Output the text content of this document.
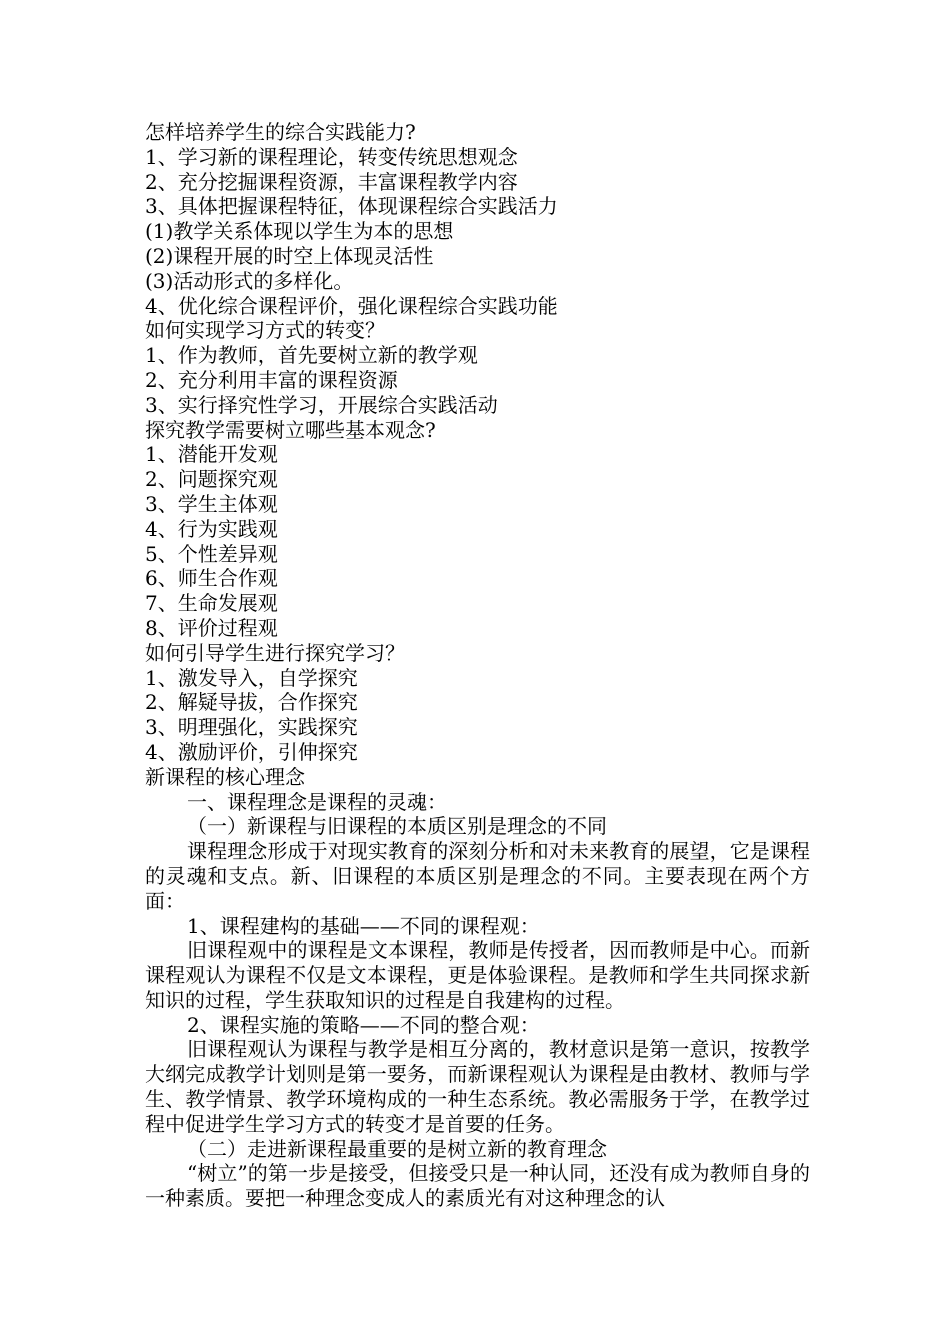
怎样培养学生的综合实践能力?
1、学习新的课程理论，转变传统思想观念
2、充分挖掘课程资源，丰富课程教学内容
3、具体把握课程特征，体现课程综合实践活力
(1)教学关系体现以学生为本的思想
(2)课程开展的时空上体现灵活性
(3)活动形式的多样化。
4、优化综合课程评价，强化课程综合实践功能
如何实现学习方式的转变？
1、作为教师，首先要树立新的教学观
2、充分利用丰富的课程资源
3、实行择究性学习，开展综合实践活动
探究教学需要树立哪些基本观念?
1、潜能开发观
2、问题探究观
3、学生主体观
4、行为实践观
5、个性差异观
6、师生合作观
7、生命发展观
8、评价过程观
如何引导学生进行探究学习？
1、激发导入，自学探究
2、解疑导拔，合作探究
3、明理强化，实践探究
4、激励评价，引伸探究
新课程的核心理念
一、课程理念是课程的灵魂：
（一）新课程与旧课程的本质区别是理念的不同
课程理念形成于对现实教育的深刻分析和对未来教育的展望，它是课程的灵魂和支点。新、旧课程的本质区别是理念的不同。主要表现在两个方面：
1、课程建构的基础——不同的课程观：
旧课程观中的课程是文本课程，教师是传授者，因而教师是中心。而新课程观认为课程不仅是文本课程，更是体验课程。是教师和学生共同探求新知识的过程，学生获取知识的过程是自我建构的过程。
2、课程实施的策略——不同的整合观：
旧课程观认为课程与教学是相互分离的，教材意识是第一意识，按教学大纲完成教学计划则是第一要务，而新课程观认为课程是由教材、教师与学生、教学情景、教学环境构成的一种生态系统。教必需服务于学，在教学过程中促进学生学习方式的转变才是首要的任务。
（二）走进新课程最重要的是树立新的教育理念
“树立”的第一步是接受，但接受只是一种认同，还没有成为教师自身的一种素质。要把一种理念变成人的素质光有对这种理念的认
